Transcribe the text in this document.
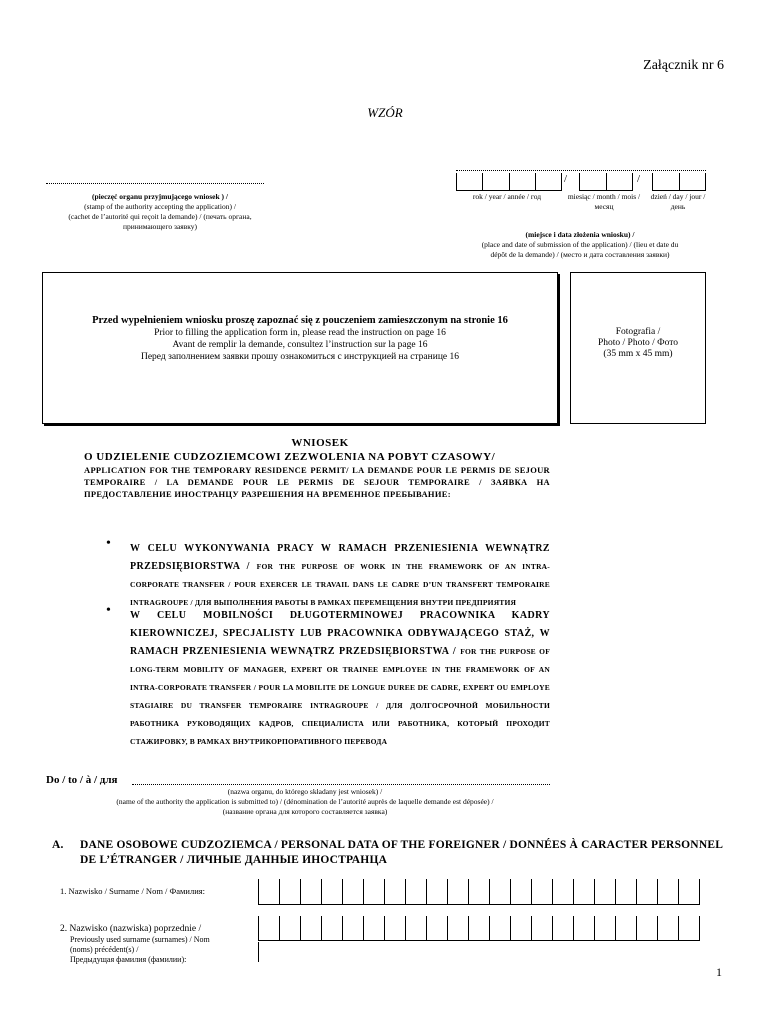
Załącznik nr 6
WZÓR
(pieczęć organu przyjmującego wniosek ) /
(stamp of the authority accepting the application) /
(cachet de l’autorité qui reçoit la demande) / (печать органа,
принимающего заявку)
/	/
rok / year / année / год	miesiąc / month / mois / месяц
dzień / day / jour / день
(miejsce i data złożenia wniosku) /
(place and date of submission of the application) / (lieu et date du
dépôt de la demande) / (место и дата составления заявки)
Przed wypełnieniem wniosku proszę zapoznać się z pouczeniem zamieszczonym na stronie 16
Prior to filling the application form in, please read the instruction on page 16
Avant de remplir la demande, consultez l’instruction sur la page 16
Перед заполнением заявки прошу ознакомиться с инструкцией на странице 16
Fotografia /
Photo / Photo / Фото
(35 mm x 45 mm)
WNIOSEK
O UDZIELENIE CUDZOZIEMCOWI ZEZWOLENIA NA POBYT CZASOWY/
APPLICATION FOR THE TEMPORARY RESIDENCE PERMIT/ LA DEMANDE POUR LE PERMIS DE SEJOUR TEMPORAIRE / LA DEMANDE POUR LE PERMIS DE SEJOUR TEMPORAIRE / ЗАЯВКА НА ПРЕДОСТАВЛЕНИЕ ИНОСТРАНЦУ РАЗРЕШЕНИЯ НА ВРЕМЕННОЕ ПРЕБЫВАНИЕ:
• W CELU WYKONYWANIA PRACY W RAMACH PRZENIESIENIA WEWNĄTRZ PRZEDSIĘBIORSTWA / FOR THE PURPOSE OF WORK IN THE FRAMEWORK OF AN INTRA-CORPORATE TRANSFER / POUR EXERCER LE TRAVAIL DANS LE CADRE D’UN TRANSFERT TEMPORAIRE INTRAGROUPE / ДЛЯ ВЫПОЛНЕНИЯ РАБОТЫ В РАМКАХ ПЕРЕМЕЩЕНИЯ ВНУТРИ ПРЕДПРИЯТИЯ
• W CELU MOBILNOŚCI DŁUGOTERMINOWEJ PRACOWNIKA KADRY KIEROWNICZEJ, SPECJALISTY LUB PRACOWNIKA ODBYWAJĄCEGO STAŻ, W RAMACH PRZENIESIENIA WEWNĄTRZ PRZEDSIĘBIORSTWA / FOR THE PURPOSE OF LONG-TERM MOBILITY OF MANAGER, EXPERT OR TRAINEE EMPLOYEE IN THE FRAMEWORK OF AN INTRA-CORPORATE TRANSFER / POUR LA MOBILITE DE LONGUE DUREE DE CADRE, EXPERT OU EMPLOYE STAGIAIRE DU TRANSFER TEMPORAIRE INTRAGROUPE / ДЛЯ ДОЛГОСРОЧНОЙ МОБИЛЬНОСТИ РАБОТНИКА РУКОВОДЯЩИХ КАДРОВ, СПЕЦИАЛИСТА ИЛИ РАБОТНИКА, КОТОРЫЙ ПРОХОДИТ СТАЖИРОВКУ, В РАМКАХ ВНУТРИКОРПОРАТИВНОГО ПЕРЕВОДА
Do / to / à / для
(nazwa organu, do którego składany jest wniosek) /
(name of the authority the application is submitted to) / (dénomination de l’autorité auprès de laquelle demande est déposée) /
(название органа для которого составляется заявка)
A. DANE OSOBOWE CUDZOZIEMCA / PERSONAL DATA OF THE FOREIGNER / DONNÉES À CARACTER PERSONNEL DE L’ÉTRANGER / ЛИЧНЫЕ ДАННЫЕ ИНОСТРАНЦА
1. Nazwisko / Surname / Nom / Фамилия:
2. Nazwisko (nazwiska) poprzednie /
Previously used surname (surnames) / Nom
(noms) précédent(s) /
Предыдущая фамилия (фамилии):
1
